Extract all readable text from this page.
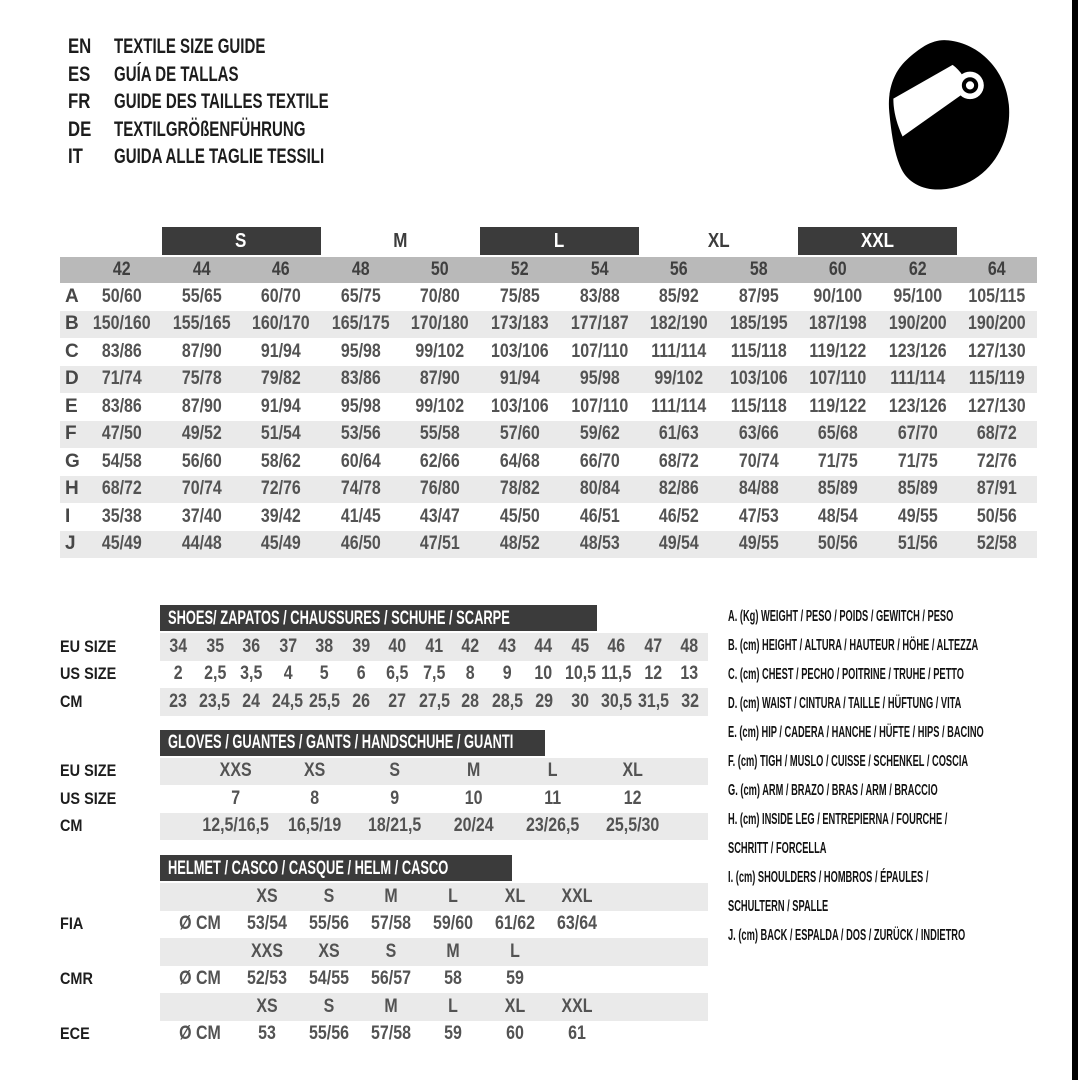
EN	TEXTILE SIZE GUIDE
ES	GUÍA DE TALLAS
FR	GUIDE DES TAILLES TEXTILE
DE	TEXTILGRÖßENFÜHRUNG
IT	GUIDA ALLE TAGLIE TESSILI
S	M	L	XL	XXL
42	44	46	48	50	52	54	56	58	60	62	64
A	50/60	55/65	60/70	65/75	70/80	75/85	83/88	85/92	87/95	90/100	95/100	105/115
B 150/160 155/165 160/170 165/175 170/180 173/183 177/187 182/190 185/195 187/198 190/200 190/200
C	83/86	87/90	91/94	95/98	99/102	103/106 107/110	111/114	115/118 119/122 123/126 127/130
D	71/74	75/78	79/82	83/86	87/90	91/94	95/98	99/102	103/106 107/110	111/114	115/119
E	83/86	87/90	91/94	95/98	99/102	103/106 107/110	111/114	115/118 119/122 123/126 127/130
F	47/50	49/52	51/54	53/56	55/58	57/60	59/62	61/63	63/66	65/68	67/70	68/72
G	54/58	56/60	58/62	60/64	62/66	64/68	66/70	68/72	70/74	71/75	71/75	72/76
H	68/72	70/74	72/76	74/78	76/80	78/82	80/84	82/86	84/88	85/89	85/89	87/91
I	35/38	37/40	39/42	41/45	43/47	45/50	46/51	46/52	47/53	48/54	49/55	50/56
J	45/49	44/48	45/49	46/50	47/51	48/52	48/53	49/54	49/55	50/56	51/56	52/58
SHOES/ ZAPATOS / CHAUSSURES / SCHUHE / SCARPE
EU SIZE	34 35 36 37 38 39 40 41 42 43 44 45 46 47 48
US SIZE	2	2,5 3,5	4	5	6	6,5 7,5	8	9	10 10,5 11,5 12 13
CM	23 23,5 24 24,5 25,5 26 27 27,5 28 28,5 29 30 30,5 31,5 32
GLOVES / GUANTES / GANTS / HANDSCHUHE / GUANTI
EU SIZE	XXS	XS	S	M	L	XL
US SIZE	7	8	9	10	11	12
CM	12,5/16,5	16,5/19	18/21,5	20/24	23/26,5	25,5/30
HELMET / CASCO / CASQUE / HELM / CASCO
XS	S	M	L	XL	XXL
FIA	Ø CM	53/54	55/56	57/58	59/60	61/62	63/64
XXS	XS	S	M	L
CMR	Ø CM	52/53	54/55	56/57	58	59
XS	S	M	L	XL	XXL
ECE	Ø CM	53	55/56	57/58	59	60	61
A. (Kg) WEIGHT / PESO / POIDS / GEWITCH / PESO
B. (cm) HEIGHT / ALTURA / HAUTEUR / HÖHE / ALTEZZA
C. (cm) CHEST / PECHO / POITRINE / TRUHE / PETTO
D. (cm) WAIST / CINTURA / TAILLE / HÜFTUNG / VITA
E. (cm) HIP / CADERA / HANCHE / HÜFTE / HIPS / BACINO
F. (cm) TIGH / MUSLO / CUISSE / SCHENKEL / COSCIA
G. (cm) ARM / BRAZO / BRAS / ARM / BRACCIO
H. (cm) INSIDE LEG / ENTREPIERNA / FOURCHE /
SCHRITT / FORCELLA
I. (cm) SHOULDERS / HOMBROS / ÉPAULES /
SCHULTERN / SPALLE
J. (cm) BACK / ESPALDA / DOS / ZURÜCK / INDIETRO
